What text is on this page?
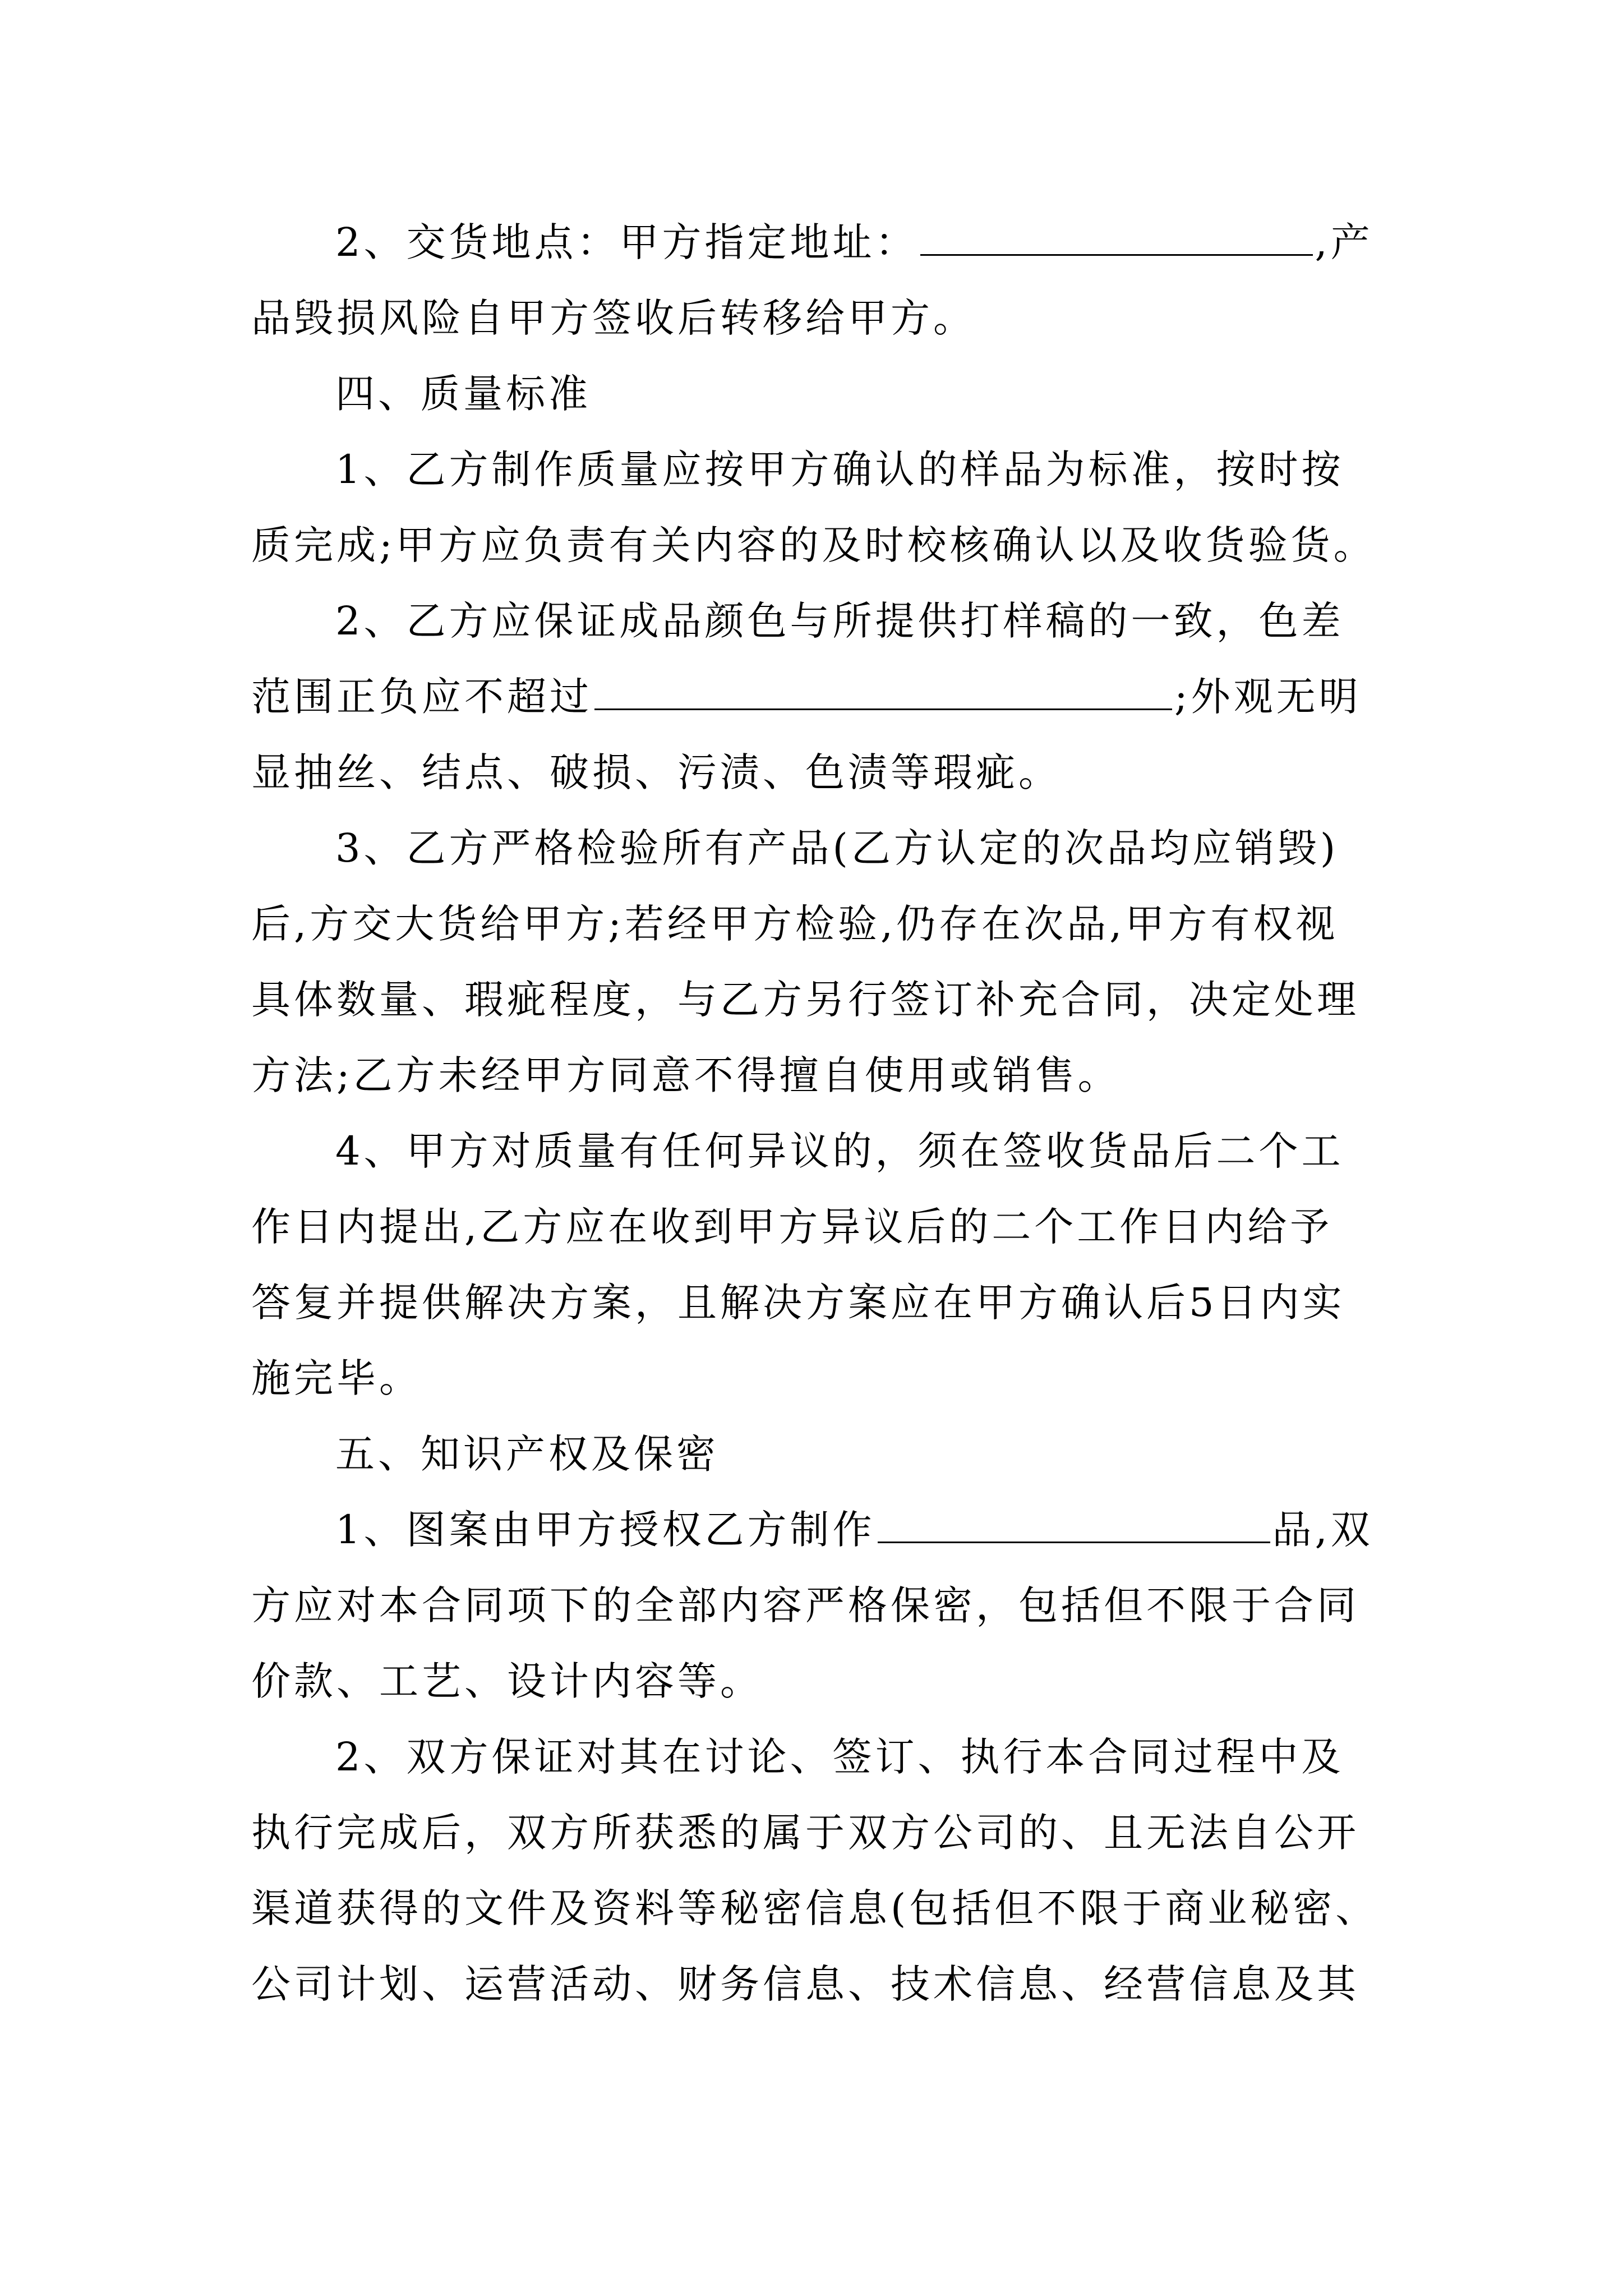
2、交货地点：甲方指定地址：	,产
品毁损风险自甲方签收后转移给甲方。
四、质量标准
1、乙方制作质量应按甲方确认的样品为标准，按时按
质完成;甲方应负责有关内容的及时校核确认以及收货验货。
2、乙方应保证成品颜色与所提供打样稿的一致，色差
范围正负应不超过	;外观无明
显抽丝、结点、破损、污渍、色渍等瑕疵。
3、乙方严格检验所有产品(乙方认定的次品均应销毁)
后,方交大货给甲方;若经甲方检验,仍存在次品,甲方有权视
具体数量、瑕疵程度，与乙方另行签订补充合同，决定处理
方法;乙方未经甲方同意不得擅自使用或销售。
4、甲方对质量有任何异议的，须在签收货品后二个工
作日内提出,乙方应在收到甲方异议后的二个工作日内给予
答复并提供解决方案，且解决方案应在甲方确认后5日内实
施完毕。
五、知识产权及保密
1、图案由甲方授权乙方制作	品,双
方应对本合同项下的全部内容严格保密，包括但不限于合同
价款、工艺、设计内容等。
2、双方保证对其在讨论、签订、执行本合同过程中及
执行完成后，双方所获悉的属于双方公司的、且无法自公开
渠道获得的文件及资料等秘密信息(包括但不限于商业秘密、
公司计划、运营活动、财务信息、技术信息、经营信息及其
